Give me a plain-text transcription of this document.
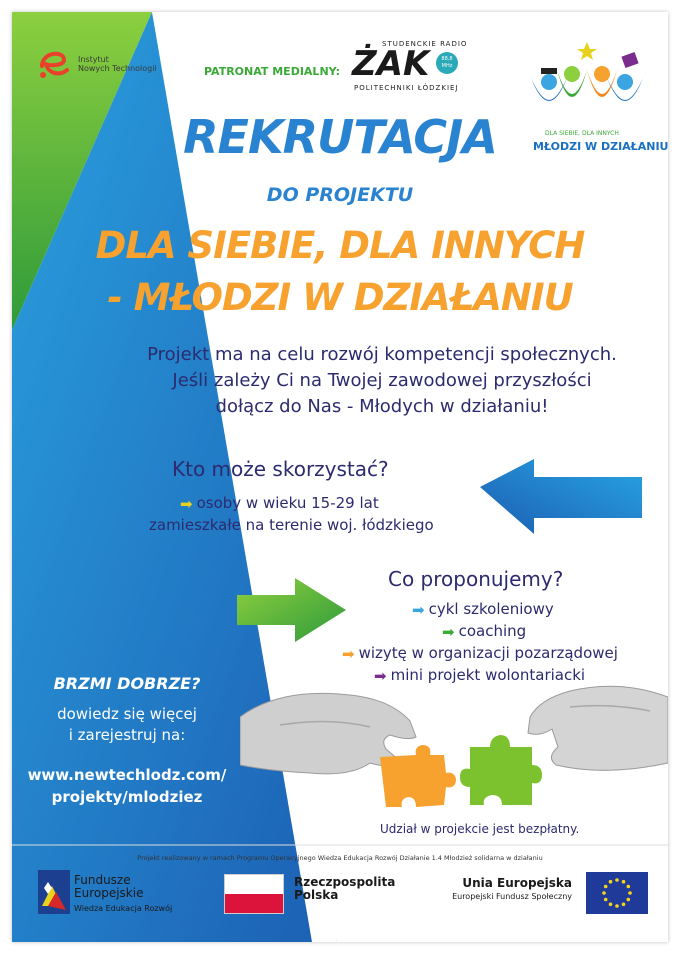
Instytut
Nowych Technologii	PATRONAT MEDIALNY:
STUDENCKIE RADIO
ŻAK	88,8 MHz
POLITECHNIKI ŁÓDZKIEJ
DLA SIEBIE, DLA INNYCH
MŁODZI W DZIAŁANIU
REKRUTACJA
DO PROJEKTU
DLA SIEBIE, DLA INNYCH
- MŁODZI W DZIAŁANIU
Projekt ma na celu rozwój kompetencji społecznych.
Jeśli zależy Ci na Twojej zawodowej przyszłości
dołącz do Nas - Młodych w działaniu!
Kto może skorzystać?
➡ osoby w wieku 15-29 lat
zamieszkałe na terenie woj. łódzkiego
Co proponujemy?
➡ cykl szkoleniowy
➡ coaching
➡ wizytę w organizacji pozarządowej
➡ mini projekt wolontariacki
BRZMI DOBRZE?
dowiedz się więcej
i zarejestruj na:
www.newtechlodz.com/
projekty/mlodziez
Udział w projekcie jest bezpłatny.
Projekt realizowany w ramach Programu Operacyjnego Wiedza Edukacja Rozwój Działanie 1.4 Młodzież solidarna w działaniu
Fundusze
Europejskie
Wiedza Edukacja Rozwój
Rzeczpospolita
Polska
Unia Europejska
Europejski Fundusz Społeczny
